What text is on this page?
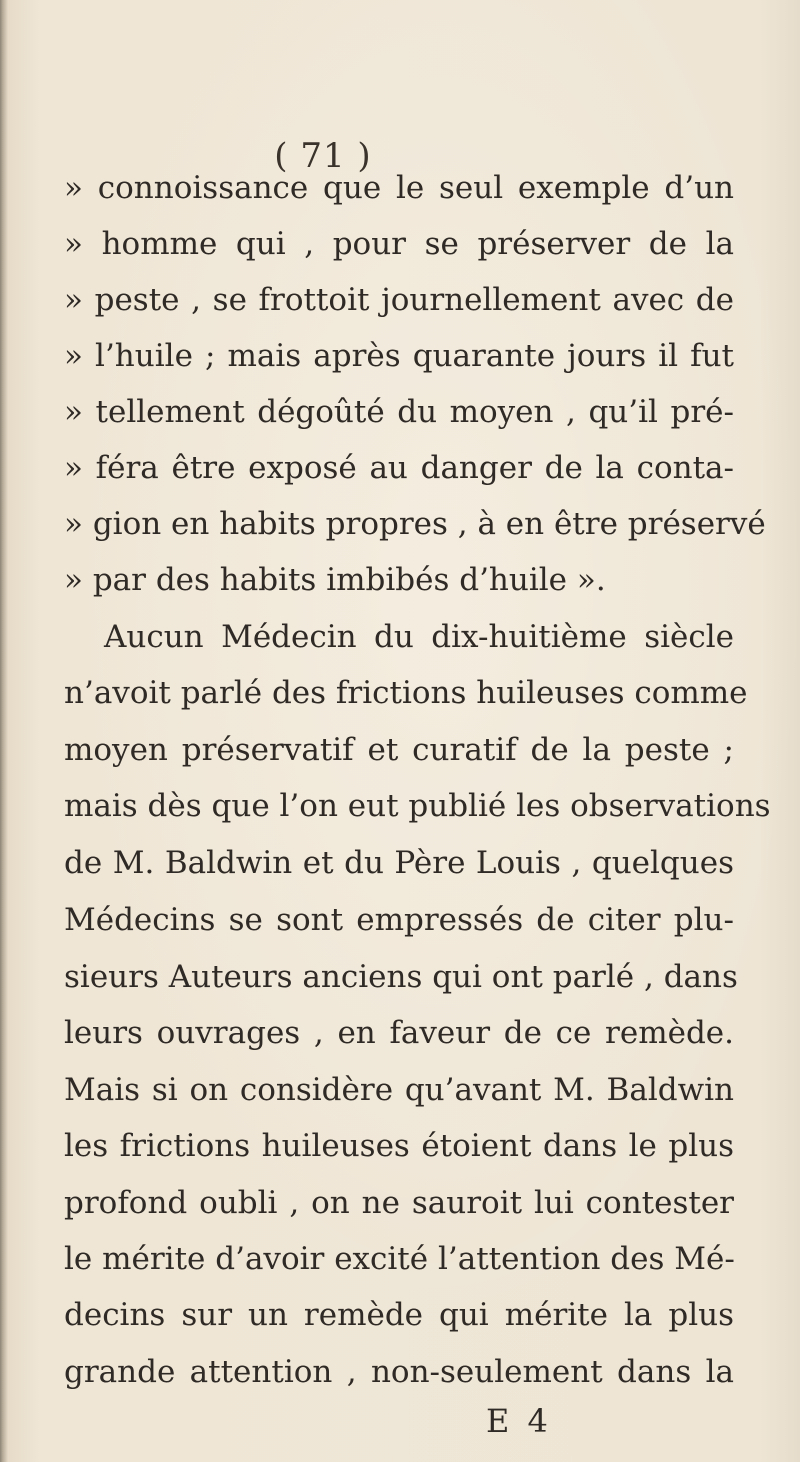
( 71 )
» connoissance que le seul exemple d’un
» homme qui , pour se préserver de la
» peste , se frottoit journellement avec de
» l’huile ; mais après quarante jours il fut
» tellement dégoûté du moyen , qu’il pré-
» féra être exposé au danger de la conta-
» gion en habits propres , à en être préservé
» par des habits imbibés d’huile ».
Aucun Médecin du dix-huitième siècle
n’avoit parlé des frictions huileuses comme
moyen préservatif et curatif de la peste ;
mais dès que l’on eut publié les observations
de M. Baldwin et du Père Louis , quelques
Médecins se sont empressés de citer plu-
sieurs Auteurs anciens qui ont parlé , dans
leurs ouvrages , en faveur de ce remède.
Mais si on considère qu’avant M. Baldwin
les frictions huileuses étoient dans le plus
profond oubli , on ne sauroit lui contester
le mérite d’avoir excité l’attention des Mé-
decins sur un remède qui mérite la plus
grande attention , non-seulement dans la
E 4
